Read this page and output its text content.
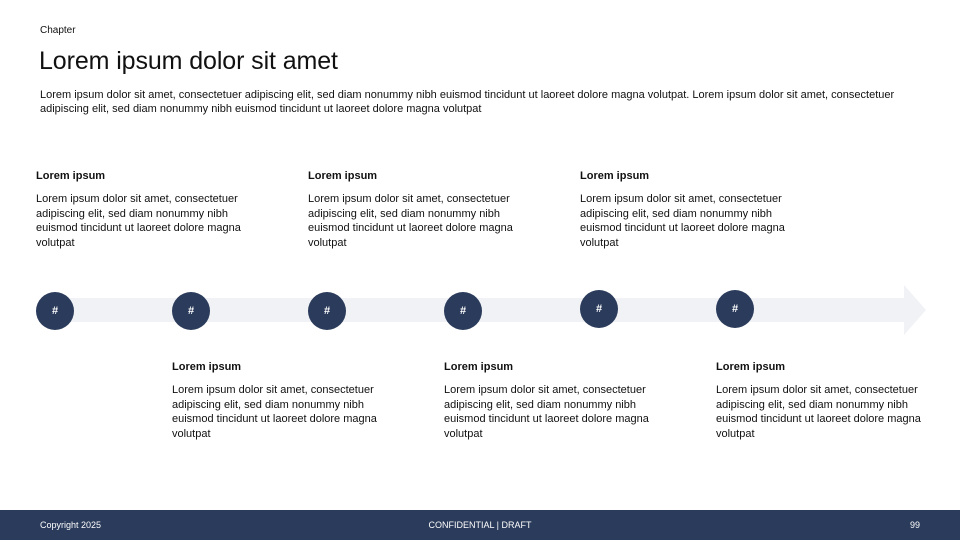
Chapter
Lorem ipsum dolor sit amet
Lorem ipsum dolor sit amet, consectetuer adipiscing elit, sed diam nonummy nibh euismod tincidunt ut laoreet dolore magna volutpat. Lorem ipsum dolor sit amet, consectetuer adipiscing elit, sed diam nonummy nibh euismod tincidunt ut laoreet dolore magna volutpat
#	#	#	#	#	#
Lorem ipsum
Lorem ipsum dolor sit amet, consectetuer adipiscing elit, sed diam nonummy nibh euismod tincidunt ut laoreet dolore magna volutpat
Lorem ipsum
Lorem ipsum dolor sit amet, consectetuer adipiscing elit, sed diam nonummy nibh euismod tincidunt ut laoreet dolore magna volutpat
Lorem ipsum
Lorem ipsum dolor sit amet, consectetuer adipiscing elit, sed diam nonummy nibh euismod tincidunt ut laoreet dolore magna volutpat
Lorem ipsum
Lorem ipsum dolor sit amet, consectetuer adipiscing elit, sed diam nonummy nibh euismod tincidunt ut laoreet dolore magna volutpat
Lorem ipsum
Lorem ipsum dolor sit amet, consectetuer adipiscing elit, sed diam nonummy nibh euismod tincidunt ut laoreet dolore magna volutpat
Lorem ipsum
Lorem ipsum dolor sit amet, consectetuer adipiscing elit, sed diam nonummy nibh euismod tincidunt ut laoreet dolore magna volutpat
Copyright 2025	CONFIDENTIAL | DRAFT	99
